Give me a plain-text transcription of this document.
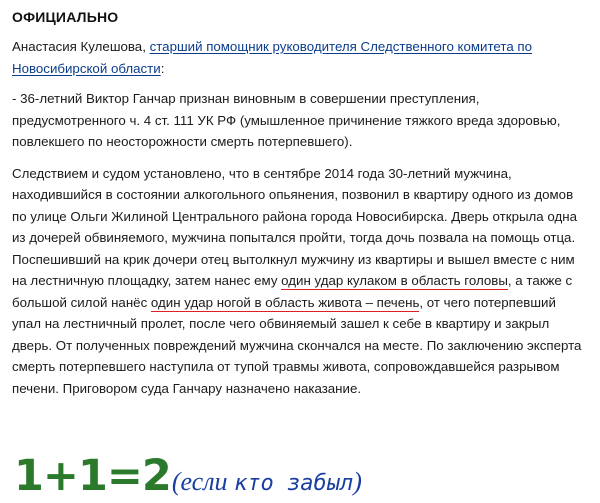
ОФИЦИАЛЬНО

Анастасия Кулешова, старший помощник руководителя Следственного комитета по Новосибирской области:

- 36-летний Виктор Ганчар признан виновным в совершении преступления, предусмотренного ч. 4 ст. 111 УК РФ (умышленное причинение тяжкого вреда здоровью, повлекшего по неосторожности смерть потерпевшего).

Следствием и судом установлено, что в сентябре 2014 года 30-летний мужчина, находившийся в состоянии алкогольного опьянения, позвонил в квартиру одного из домов по улице Ольги Жилиной Центрального района города Новосибирска. Дверь открыла одна из дочерей обвиняемого, мужчина попытался пройти, тогда дочь позвала на помощь отца. Поспешивший на крик дочери отец вытолкнул мужчину из квартиры и вышел вместе с ним на лестничную площадку, затем нанес ему один удар кулаком в область головы, а также с большой силой нанёс один удар ногой в область живота – печень, от чего потерпевший упал на лестничный пролет, после чего обвиняемый зашел к себе в квартиру и закрыл дверь. От полученных повреждений мужчина скончался на месте. По заключению эксперта смерть потерпевшего наступила от тупой травмы живота, сопровождавшейся разрывом печени. Приговором суда Ганчару назначено наказание.

1+1=2(если кто забыл)
